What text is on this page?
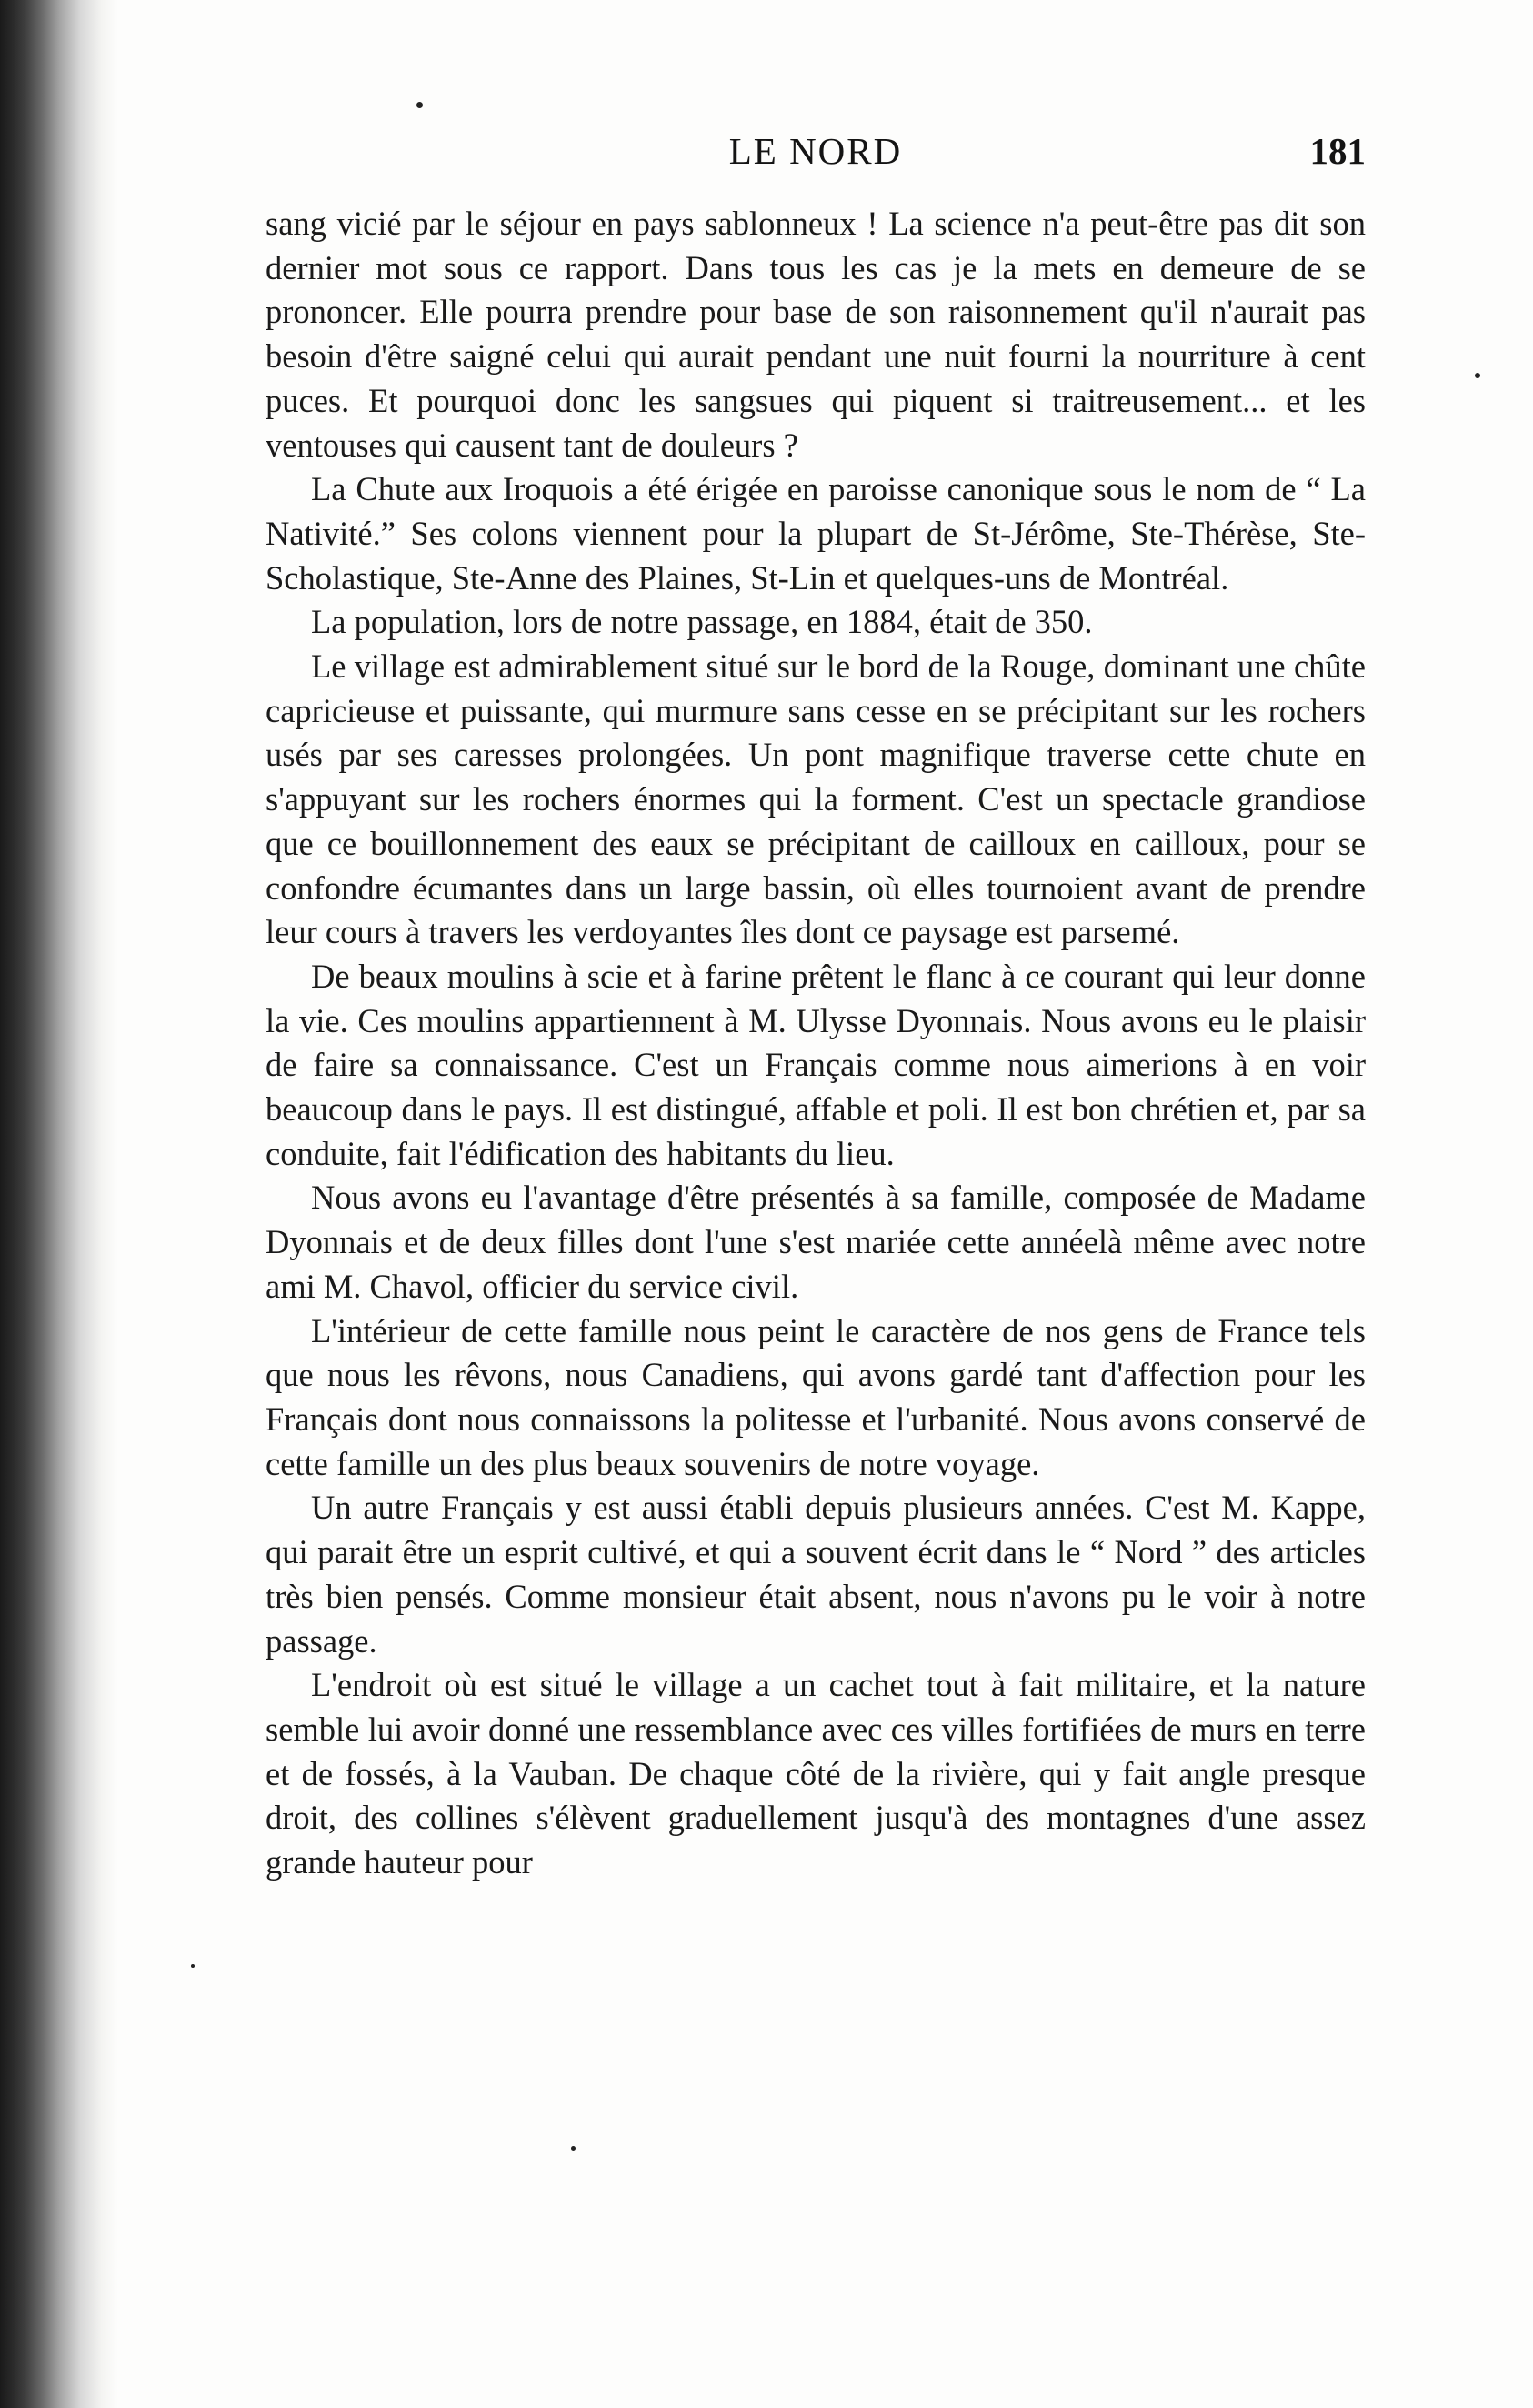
LE NORD	181

sang vicié par le séjour en pays sablonneux ! La science n'a peut-être pas dit son dernier mot sous ce rapport. Dans tous les cas je la mets en demeure de se prononcer. Elle pourra prendre pour base de son raisonnement qu'il n'aurait pas besoin d'être saigné celui qui aurait pendant une nuit fourni la nourriture à cent puces. Et pourquoi donc les sangsues qui piquent si traitreusement... et les ventouses qui causent tant de douleurs ?

La Chute aux Iroquois a été érigée en paroisse canonique sous le nom de “ La Nativité.” Ses colons viennent pour la plupart de St-Jérôme, Ste-Thérèse, Ste-Scholastique, Ste-Anne des Plaines, St-Lin et quelques-uns de Montréal.

La population, lors de notre passage, en 1884, était de 350.

Le village est admirablement situé sur le bord de la Rouge, dominant une chûte capricieuse et puissante, qui murmure sans cesse en se précipitant sur les rochers usés par ses caresses prolongées. Un pont magnifique traverse cette chute en s'appuyant sur les rochers énormes qui la forment. C'est un spectacle grandiose que ce bouillonnement des eaux se précipitant de cailloux en cailloux, pour se confondre écumantes dans un large bassin, où elles tournoient avant de prendre leur cours à travers les verdoyantes îles dont ce paysage est parsemé.

De beaux moulins à scie et à farine prêtent le flanc à ce courant qui leur donne la vie. Ces moulins appartiennent à M. Ulysse Dyonnais. Nous avons eu le plaisir de faire sa connaissance. C'est un Français comme nous aimerions à en voir beaucoup dans le pays. Il est distingué, affable et poli. Il est bon chrétien et, par sa conduite, fait l'édification des habitants du lieu.

Nous avons eu l'avantage d'être présentés à sa famille, composée de Madame Dyonnais et de deux filles dont l'une s'est mariée cette annéelà même avec notre ami M. Chavol, officier du service civil.

L'intérieur de cette famille nous peint le caractère de nos gens de France tels que nous les rêvons, nous Canadiens, qui avons gardé tant d'affection pour les Français dont nous connaissons la politesse et l'urbanité. Nous avons conservé de cette famille un des plus beaux souvenirs de notre voyage.

Un autre Français y est aussi établi depuis plusieurs années. C'est M. Kappe, qui parait être un esprit cultivé, et qui a souvent écrit dans le “ Nord ” des articles très bien pensés. Comme monsieur était absent, nous n'avons pu le voir à notre passage.

L'endroit où est situé le village a un cachet tout à fait militaire, et la nature semble lui avoir donné une ressemblance avec ces villes fortifiées de murs en terre et de fossés, à la Vauban. De chaque côté de la rivière, qui y fait angle presque droit, des collines s'élèvent graduellement jusqu'à des montagnes d'une assez grande hauteur pour
